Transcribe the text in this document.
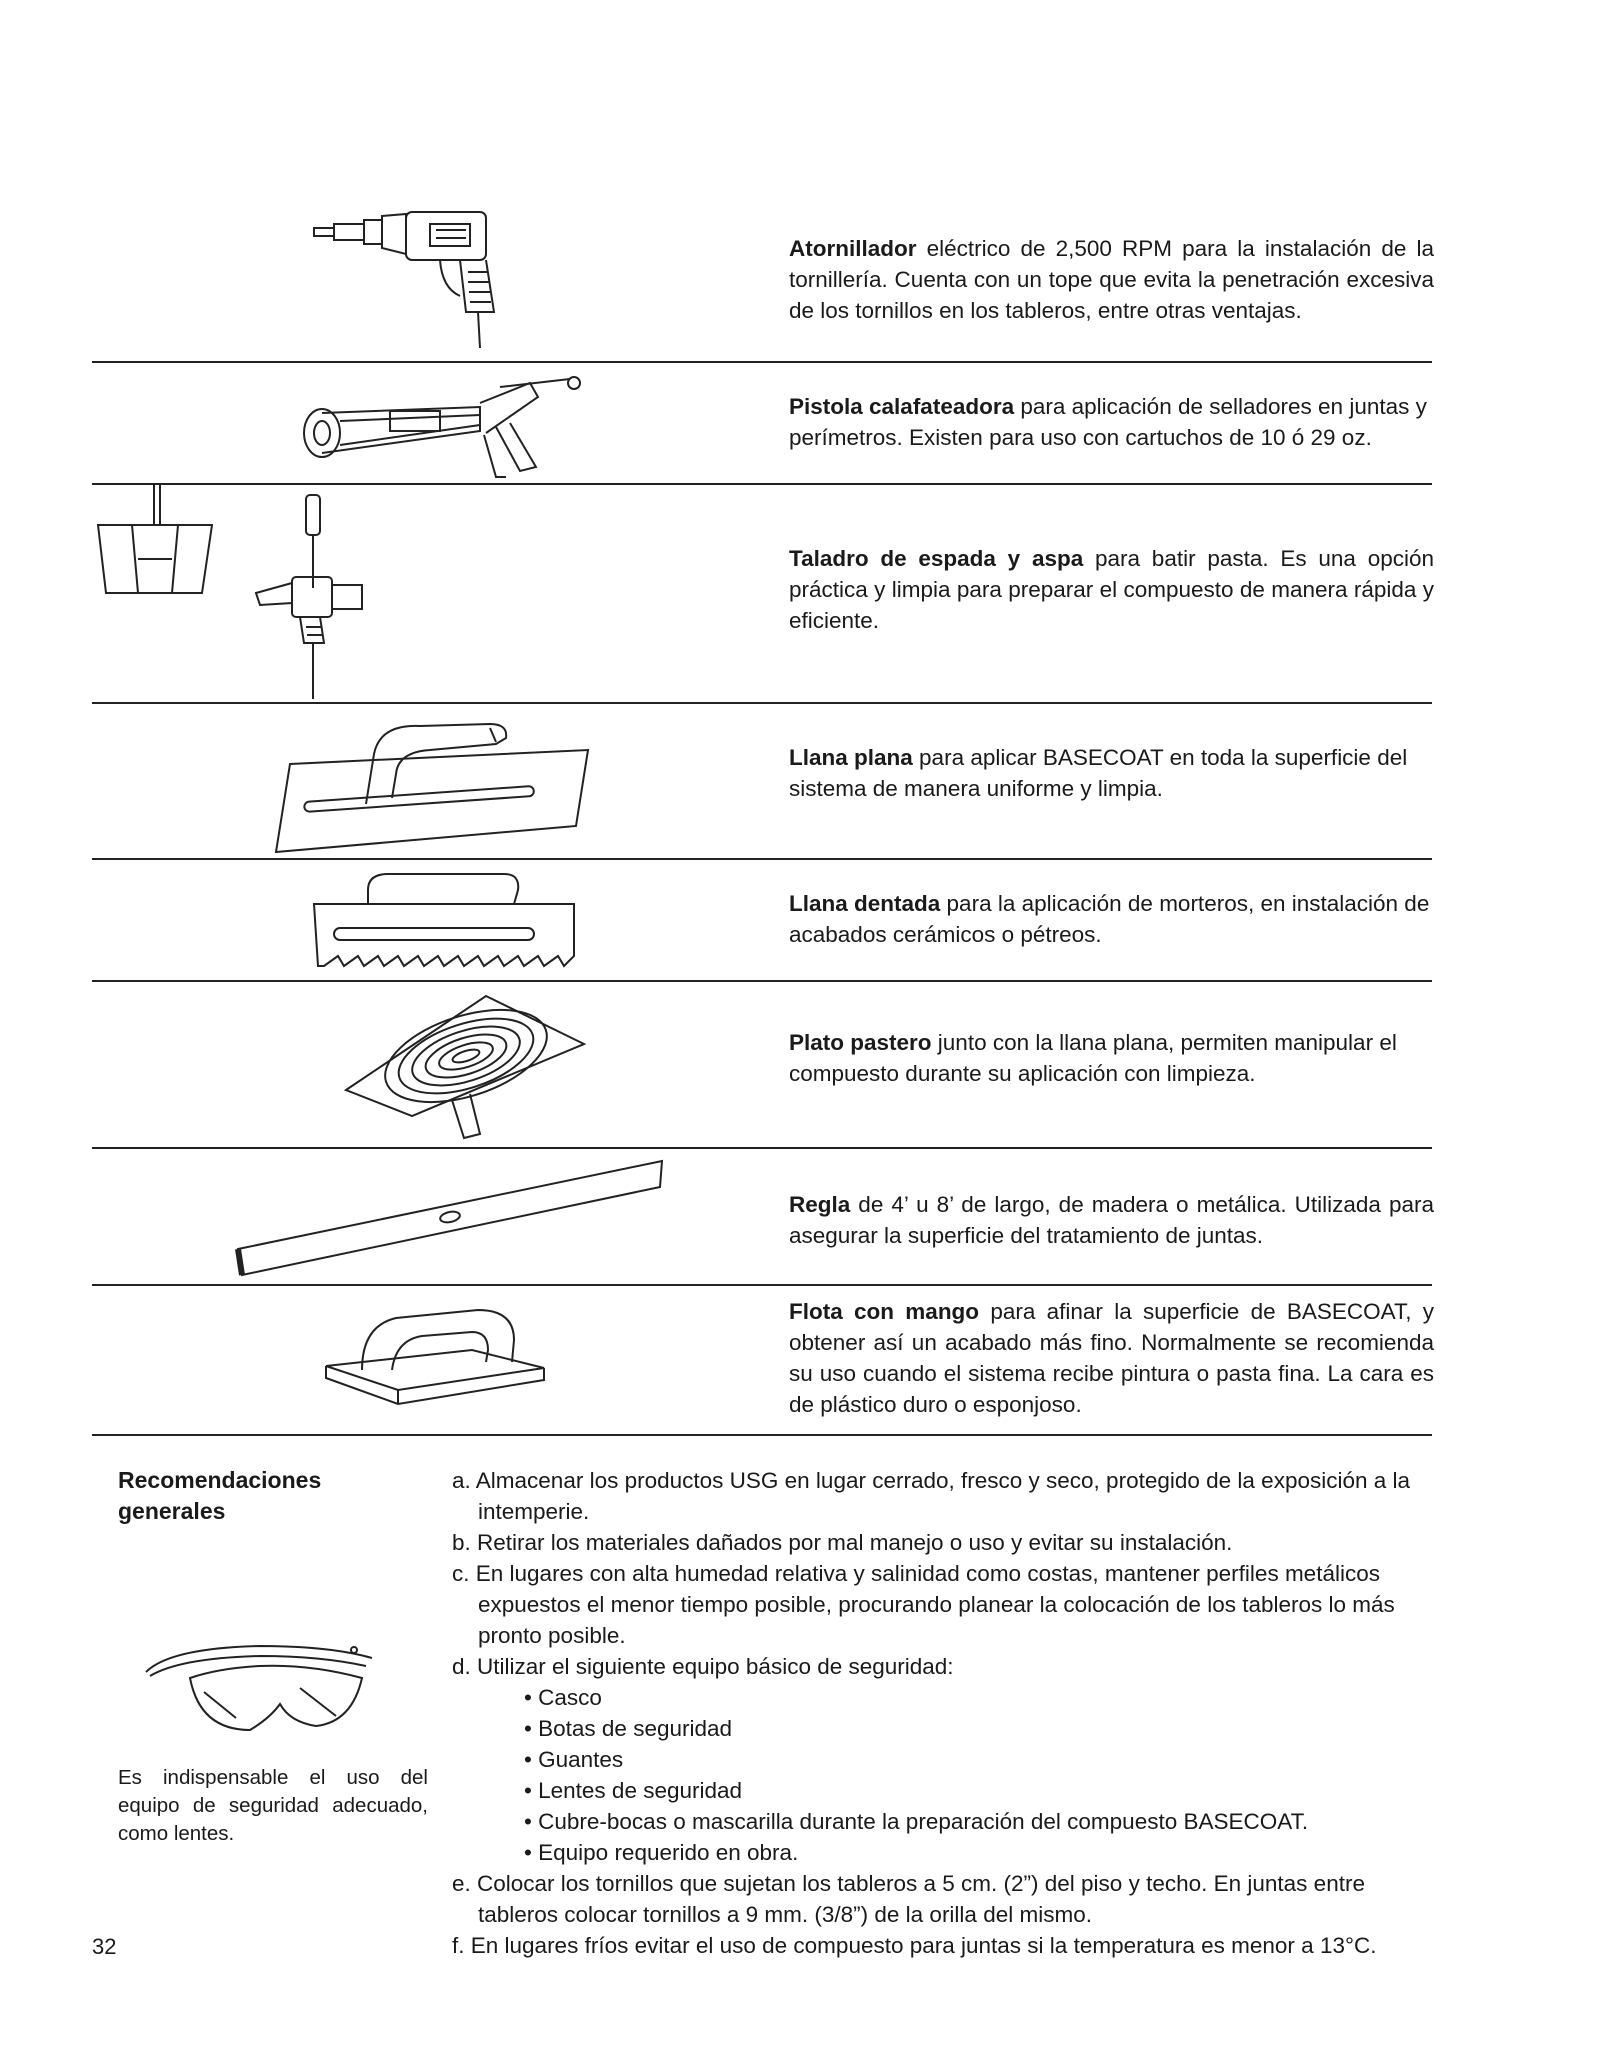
Atornillador eléctrico de 2,500 RPM para la instalación de la tornillería. Cuenta con un tope que evita la penetración excesiva de los tornillos en los tableros, entre otras ventajas.
Pistola calafateadora para aplicación de selladores en juntas y perímetros. Existen para uso con cartuchos de 10 ó 29 oz.
Taladro de espada y aspa para batir pasta. Es una opción práctica y limpia para preparar el compuesto de manera rápida y eficiente.
Llana plana para aplicar BASECOAT en toda la superficie del sistema de manera uniforme y limpia.
Llana dentada para la aplicación de morteros, en instalación de acabados cerámicos o pétreos.
Plato pastero junto con la llana plana, permiten manipular el compuesto durante su aplicación con limpieza.
Regla de 4’ u 8’ de largo, de madera o metálica. Utilizada para asegurar la superficie del tratamiento de juntas.
Flota con mango para afinar la superficie de BASECOAT, y obtener así un acabado más fino. Normalmente se recomienda su uso cuando el sistema recibe pintura o pasta fina. La cara es de plástico duro o esponjoso.
Recomendaciones generales
Es indispensable el uso del equipo de seguridad adecuado, como lentes.
a. Almacenar los productos USG en lugar cerrado, fresco y seco, protegido de la exposición a la intemperie.
b. Retirar los materiales dañados por mal manejo o uso y evitar su instalación.
c. En lugares con alta humedad relativa y salinidad como costas, mantener perfiles metálicos expuestos el menor tiempo posible, procurando planear la colocación de los tableros lo más pronto posible.
d. Utilizar el siguiente equipo básico de seguridad:
• Casco
• Botas de seguridad
• Guantes
• Lentes de seguridad
• Cubre-bocas o mascarilla durante la preparación del compuesto BASECOAT.
• Equipo requerido en obra.
e. Colocar los tornillos que sujetan los tableros a 5 cm. (2”) del piso y techo. En juntas entre tableros colocar tornillos a 9 mm. (3/8”) de la orilla del mismo.
f. En lugares fríos evitar el uso de compuesto para juntas si la temperatura es menor a 13°C.
32
